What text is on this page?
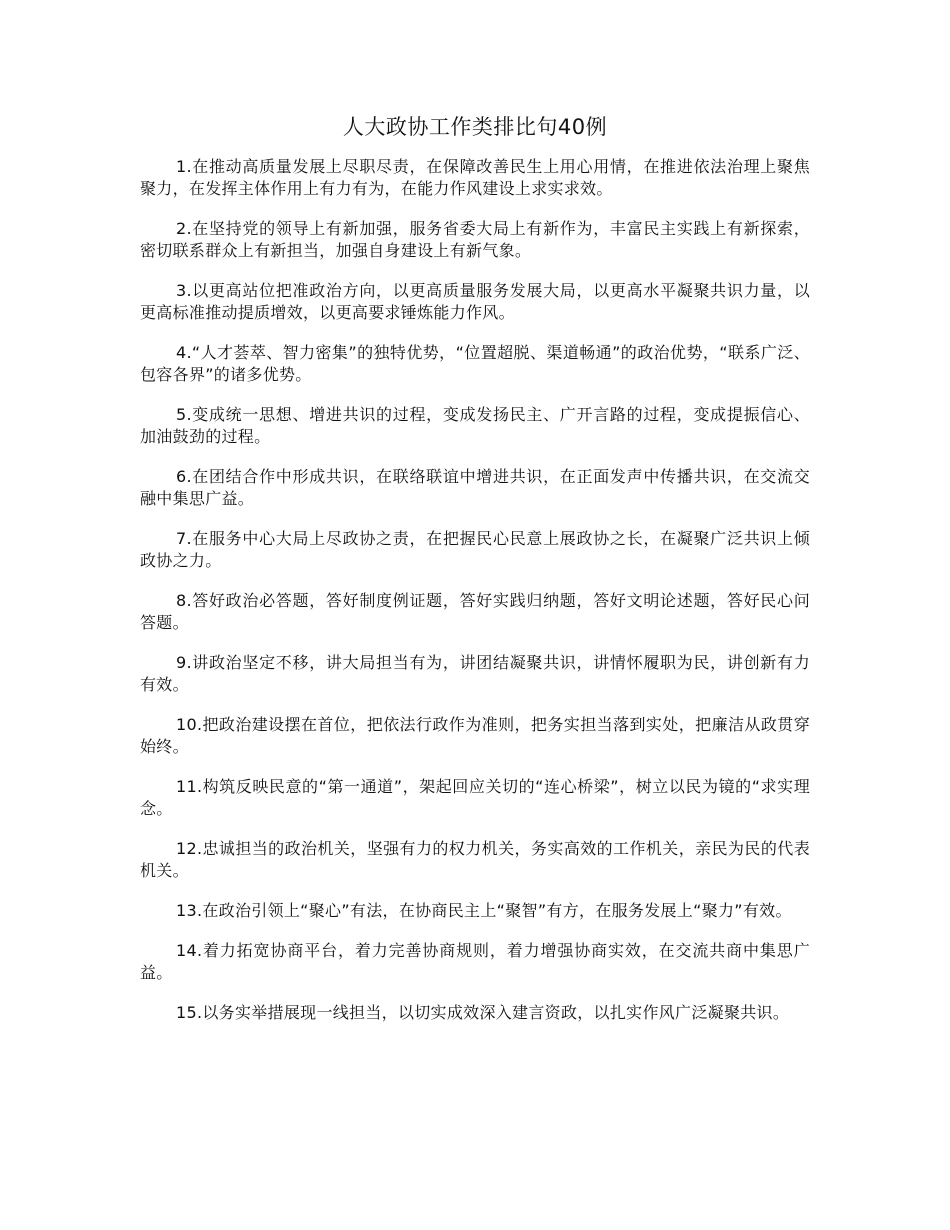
人大政协工作类排比句40例

1.在推动高质量发展上尽职尽责，在保障改善民生上用心用情，在推进依法治理上聚焦聚力，在发挥主体作用上有力有为，在能力作风建设上求实求效。

2.在坚持党的领导上有新加强，服务省委大局上有新作为，丰富民主实践上有新探索，密切联系群众上有新担当，加强自身建设上有新气象。

3.以更高站位把准政治方向，以更高质量服务发展大局，以更高水平凝聚共识力量，以更高标准推动提质增效，以更高要求锤炼能力作风。

4.“人才荟萃、智力密集”的独特优势，“位置超脱、渠道畅通”的政治优势，“联系广泛、包容各界”的诸多优势。

5.变成统一思想、增进共识的过程，变成发扬民主、广开言路的过程，变成提振信心、加油鼓劲的过程。

6.在团结合作中形成共识，在联络联谊中增进共识，在正面发声中传播共识，在交流交融中集思广益。

7.在服务中心大局上尽政协之责，在把握民心民意上展政协之长，在凝聚广泛共识上倾政协之力。

8.答好政治必答题，答好制度例证题，答好实践归纳题，答好文明论述题，答好民心问答题。

9.讲政治坚定不移，讲大局担当有为，讲团结凝聚共识，讲情怀履职为民，讲创新有力有效。

10.把政治建设摆在首位，把依法行政作为准则，把务实担当落到实处，把廉洁从政贯穿始终。

11.构筑反映民意的“第一通道”，架起回应关切的“连心桥梁”，树立以民为镜的“求实理念。

12.忠诚担当的政治机关，坚强有力的权力机关，务实高效的工作机关，亲民为民的代表机关。

13.在政治引领上“聚心”有法，在协商民主上“聚智”有方，在服务发展上“聚力”有效。

14.着力拓宽协商平台，着力完善协商规则，着力增强协商实效，在交流共商中集思广益。

15.以务实举措展现一线担当，以切实成效深入建言资政，以扎实作风广泛凝聚共识。
